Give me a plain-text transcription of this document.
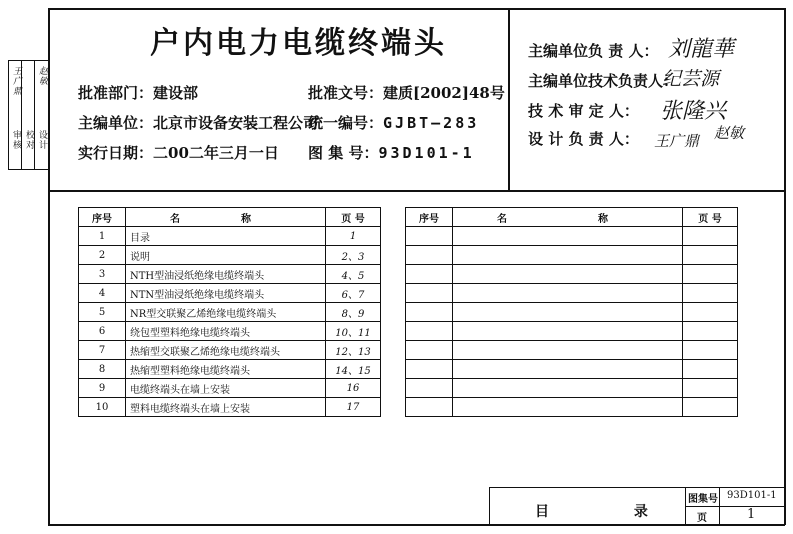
审核 校对 设计
王广鼎 赵敏
户内电力电缆终端头
批准部门：建设部	批准文号：建质[2002]48号
主编单位：北京市设备安装工程公司
统一编号：GJBT—283
实行日期：二00二年三月一日 图 集 号：93D101-1
主编单位负 责 人： 刘龍華
主编单位技术负责人：
纪芸源
技 术 审 定 人： 张隆兴
设 计 负 责 人： 王广鼎 赵敏
序号	名 称	页 号
1	目录	1
2	说明	2、3
3	NTH型油浸纸绝缘电缆终端头	4、5
4	NTN型油浸纸绝缘电缆终端头	6、7
5	NR型交联聚乙烯绝缘电缆终端头	8、9
6	绕包型塑料绝缘电缆终端头	10、11
7	热缩型交联聚乙烯绝缘电缆终端头	12、13
8	热缩型塑料绝缘电缆终端头	14、15
9	电缆终端头在墙上安装	16
10	塑料电缆终端头在墙上安装	17
序号	名 称	页 号

目 录
图集号 93D101-1
页	1
